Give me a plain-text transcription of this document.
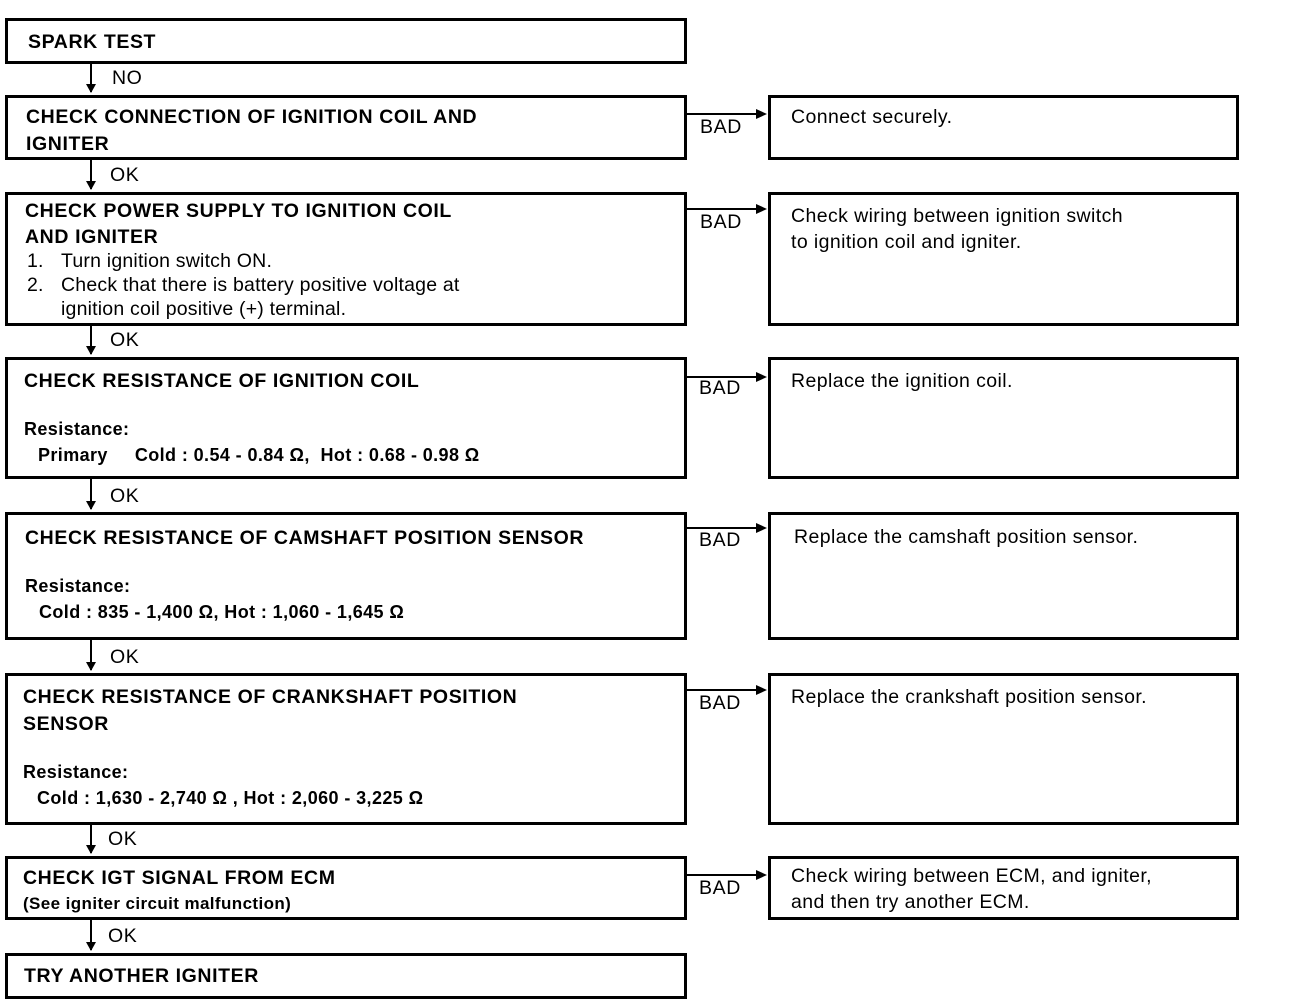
SPARK TEST

CHECK CONNECTION OF IGNITION COIL AND

IGNITER

CHECK POWER SUPPLY TO IGNITION COIL

AND IGNITER

1. Turn ignition switch ON.
2. Check that there is battery positive voltage at
ignition coil positive (+) terminal.

CHECK RESISTANCE OF IGNITION COIL

Resistance:

Primary     Cold : 0.54 - 0.84 Ω,  Hot : 0.68 - 0.98 Ω

CHECK RESISTANCE OF CAMSHAFT POSITION SENSOR

Resistance:

Cold : 835 - 1,400 Ω, Hot : 1,060 - 1,645 Ω

CHECK RESISTANCE OF CRANKSHAFT POSITION

SENSOR

Resistance:

Cold : 1,630 - 2,740 Ω , Hot : 2,060 - 3,225 Ω

CHECK IGT SIGNAL FROM ECM

(See igniter circuit malfunction)

TRY ANOTHER IGNITER

Connect securely.

Check wiring between ignition switch

to ignition coil and igniter.

Replace the ignition coil.

Replace the camshaft position sensor.

Replace the crankshaft position sensor.

Check wiring between ECM, and igniter,

and then try another ECM.

NO
OK
OK
OK
OK
OK
OK
BAD
BAD
BAD
BAD
BAD
BAD
